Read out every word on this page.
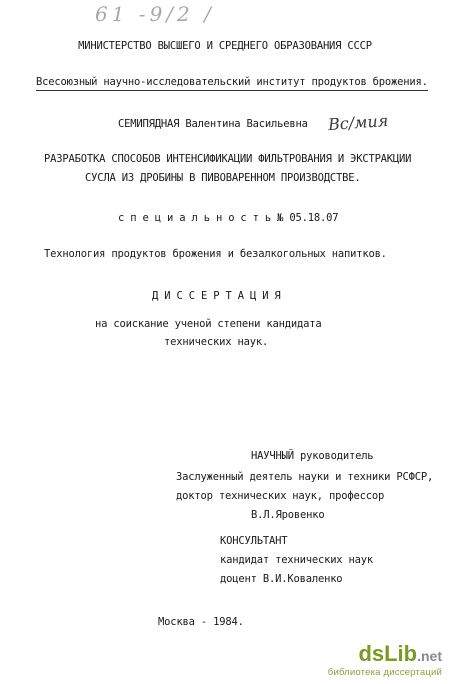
61 -9/2 /
МИНИСТЕРСТВО ВЫСШЕГО И СРЕДНЕГО ОБРАЗОВАНИЯ СССР
Всесоюзный научно-исследовательский институт продуктов брожения.
СЕМИПЯДНАЯ Валентина Васильевна Вс/мия
РАЗРАБОТКА СПОСОБОВ ИНТЕНСИФИКАЦИИ ФИЛЬТРОВАНИЯ И ЭКСТРАКЦИИ
СУСЛА ИЗ ДРОБИНЫ В ПИВОВАРЕННОМ ПРОИЗВОДСТВЕ.
с п е ц и а л ь н о с т ь № 05.18.07
Технология продуктов брожения и безалкогольных напитков.
Д И С С Е Р Т А Ц И Я
на соискание ученой степени кандидата
технических наук.
НАУЧНЫЙ руководитель
Заслуженный деятель науки и техники РСФСР,
доктор технических наук, профессор
В.Л.Яровенко
КОНСУЛЬТАНТ
кандидат технических наук
доцент В.И.Коваленко
Москва - 1984.
dsLib.net
библиотека диссертаций
